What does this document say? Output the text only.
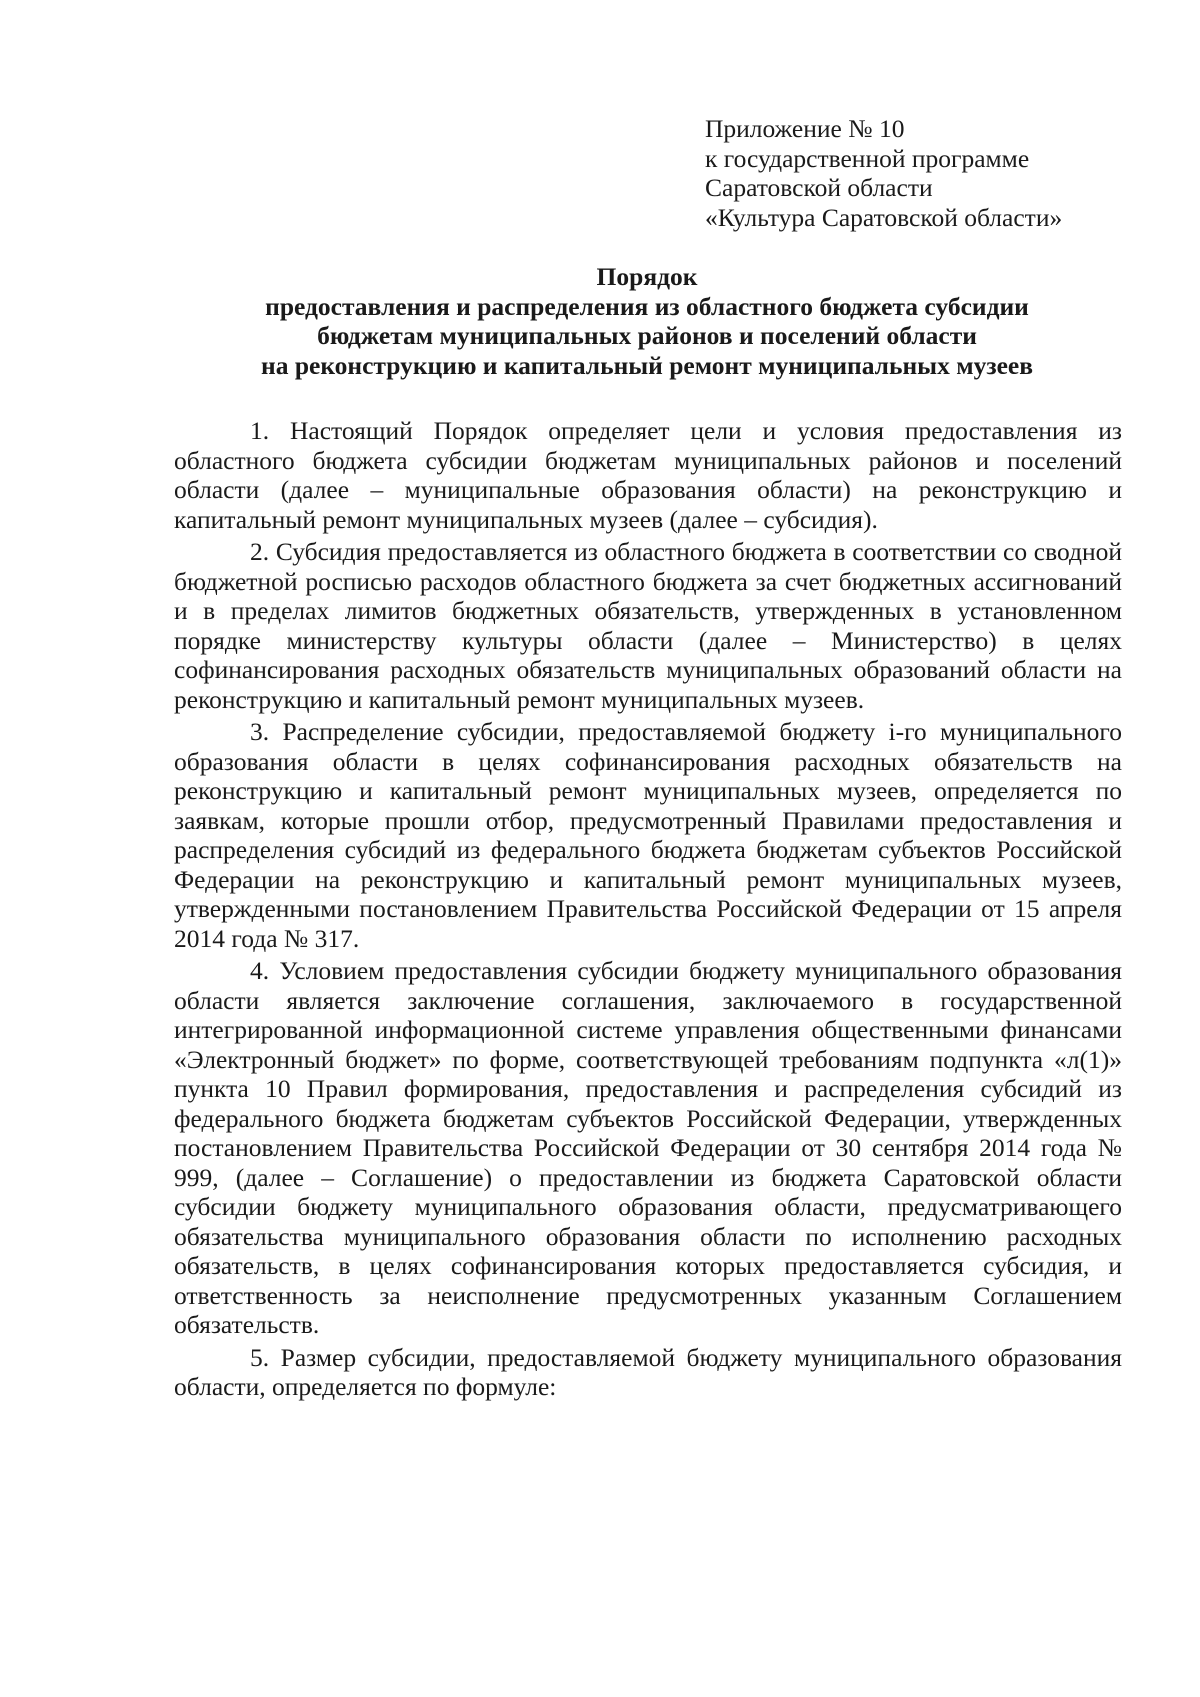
Приложение № 10
к государственной программе
Саратовской области
«Культура Саратовской области»
Порядок
предоставления и распределения из областного бюджета субсидии
бюджетам муниципальных районов и поселений области
на реконструкцию и капитальный ремонт муниципальных музеев

1. Настоящий Порядок определяет цели и условия предоставления из областного бюджета субсидии бюджетам муниципальных районов и поселений области (далее – муниципальные образования области) на реконструкцию и капитальный ремонт муниципальных музеев (далее – субсидия).

2. Субсидия предоставляется из областного бюджета в соответствии со сводной бюджетной росписью расходов областного бюджета за счет бюджетных ассигнований и в пределах лимитов бюджетных обязательств, утвержденных в установленном порядке министерству культуры области (далее – Министерство) в целях софинансирования расходных обязательств муниципальных образований области на реконструкцию и капитальный ремонт муниципальных музеев.

3. Распределение субсидии, предоставляемой бюджету i-го муниципального образования области в целях софинансирования расходных обязательств на реконструкцию и капитальный ремонт муниципальных музеев, определяется по заявкам, которые прошли отбор, предусмотренный Правилами предоставления и распределения субсидий из федерального бюджета бюджетам субъектов Российской Федерации на реконструкцию и капитальный ремонт муниципальных музеев, утвержденными постановлением Правительства Российской Федерации от 15 апреля 2014 года № 317.

4. Условием предоставления субсидии бюджету муниципального образования области является заключение соглашения, заключаемого в государственной интегрированной информационной системе управления общественными финансами «Электронный бюджет» по форме, соответствующей требованиям подпункта «л(1)» пункта 10 Правил формирования, предоставления и распределения субсидий из федерального бюджета бюджетам субъектов Российской Федерации, утвержденных постановлением Правительства Российской Федерации от 30 сентября 2014 года № 999, (далее – Соглашение) о предоставлении из бюджета Саратовской области субсидии бюджету муниципального образования области, предусматривающего обязательства муниципального образования области по исполнению расходных обязательств, в целях софинансирования которых предоставляется субсидия, и ответственность за неисполнение предусмотренных указанным Соглашением обязательств.

5. Размер субсидии, предоставляемой бюджету муниципального образования области, определяется по формуле:
